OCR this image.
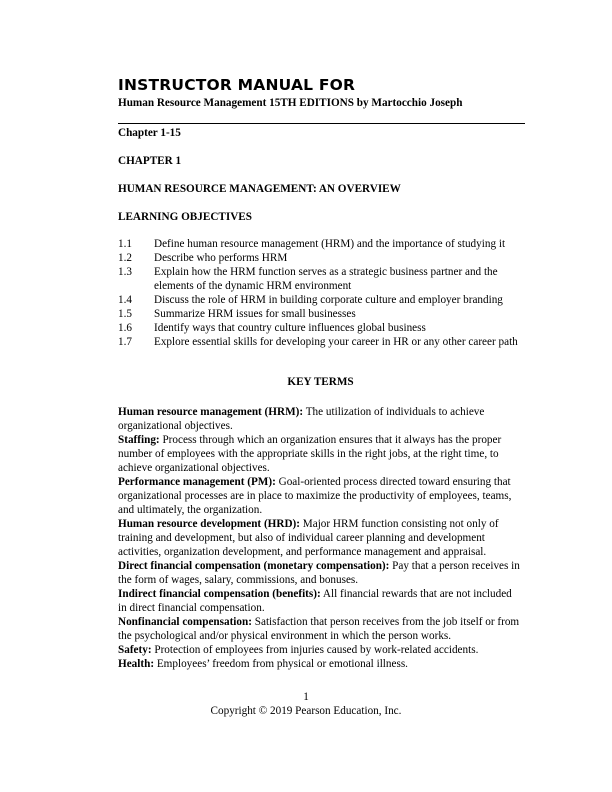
INSTRUCTOR MANUAL FOR
Human Resource Management 15TH EDITIONS by Martocchio Joseph
Chapter 1-15
CHAPTER 1
HUMAN RESOURCE MANAGEMENT: AN OVERVIEW
LEARNING OBJECTIVES
1.1	Define human resource management (HRM) and the importance of studying it
1.2	Describe who performs HRM
1.3	Explain how the HRM function serves as a strategic business partner and the elements of the dynamic HRM environment
1.4	Discuss the role of HRM in building corporate culture and employer branding
1.5	Summarize HRM issues for small businesses
1.6	Identify ways that country culture influences global business
1.7	Explore essential skills for developing your career in HR or any other career path
KEY TERMS

Human resource management (HRM): The utilization of individuals to achieve organizational objectives.

Staffing: Process through which an organization ensures that it always has the proper number of employees with the appropriate skills in the right jobs, at the right time, to achieve organizational objectives.

Performance management (PM): Goal-oriented process directed toward ensuring that organizational processes are in place to maximize the productivity of employees, teams, and ultimately, the organization.

Human resource development (HRD): Major HRM function consisting not only of training and development, but also of individual career planning and development activities, organization development, and performance management and appraisal.

Direct financial compensation (monetary compensation): Pay that a person receives in the form of wages, salary, commissions, and bonuses.

Indirect financial compensation (benefits): All financial rewards that are not included in direct financial compensation.

Nonfinancial compensation: Satisfaction that person receives from the job itself or from the psychological and/or physical environment in which the person works.

Safety: Protection of employees from injuries caused by work-related accidents.

Health: Employees’ freedom from physical or emotional illness.

1
Copyright © 2019 Pearson Education, Inc.
